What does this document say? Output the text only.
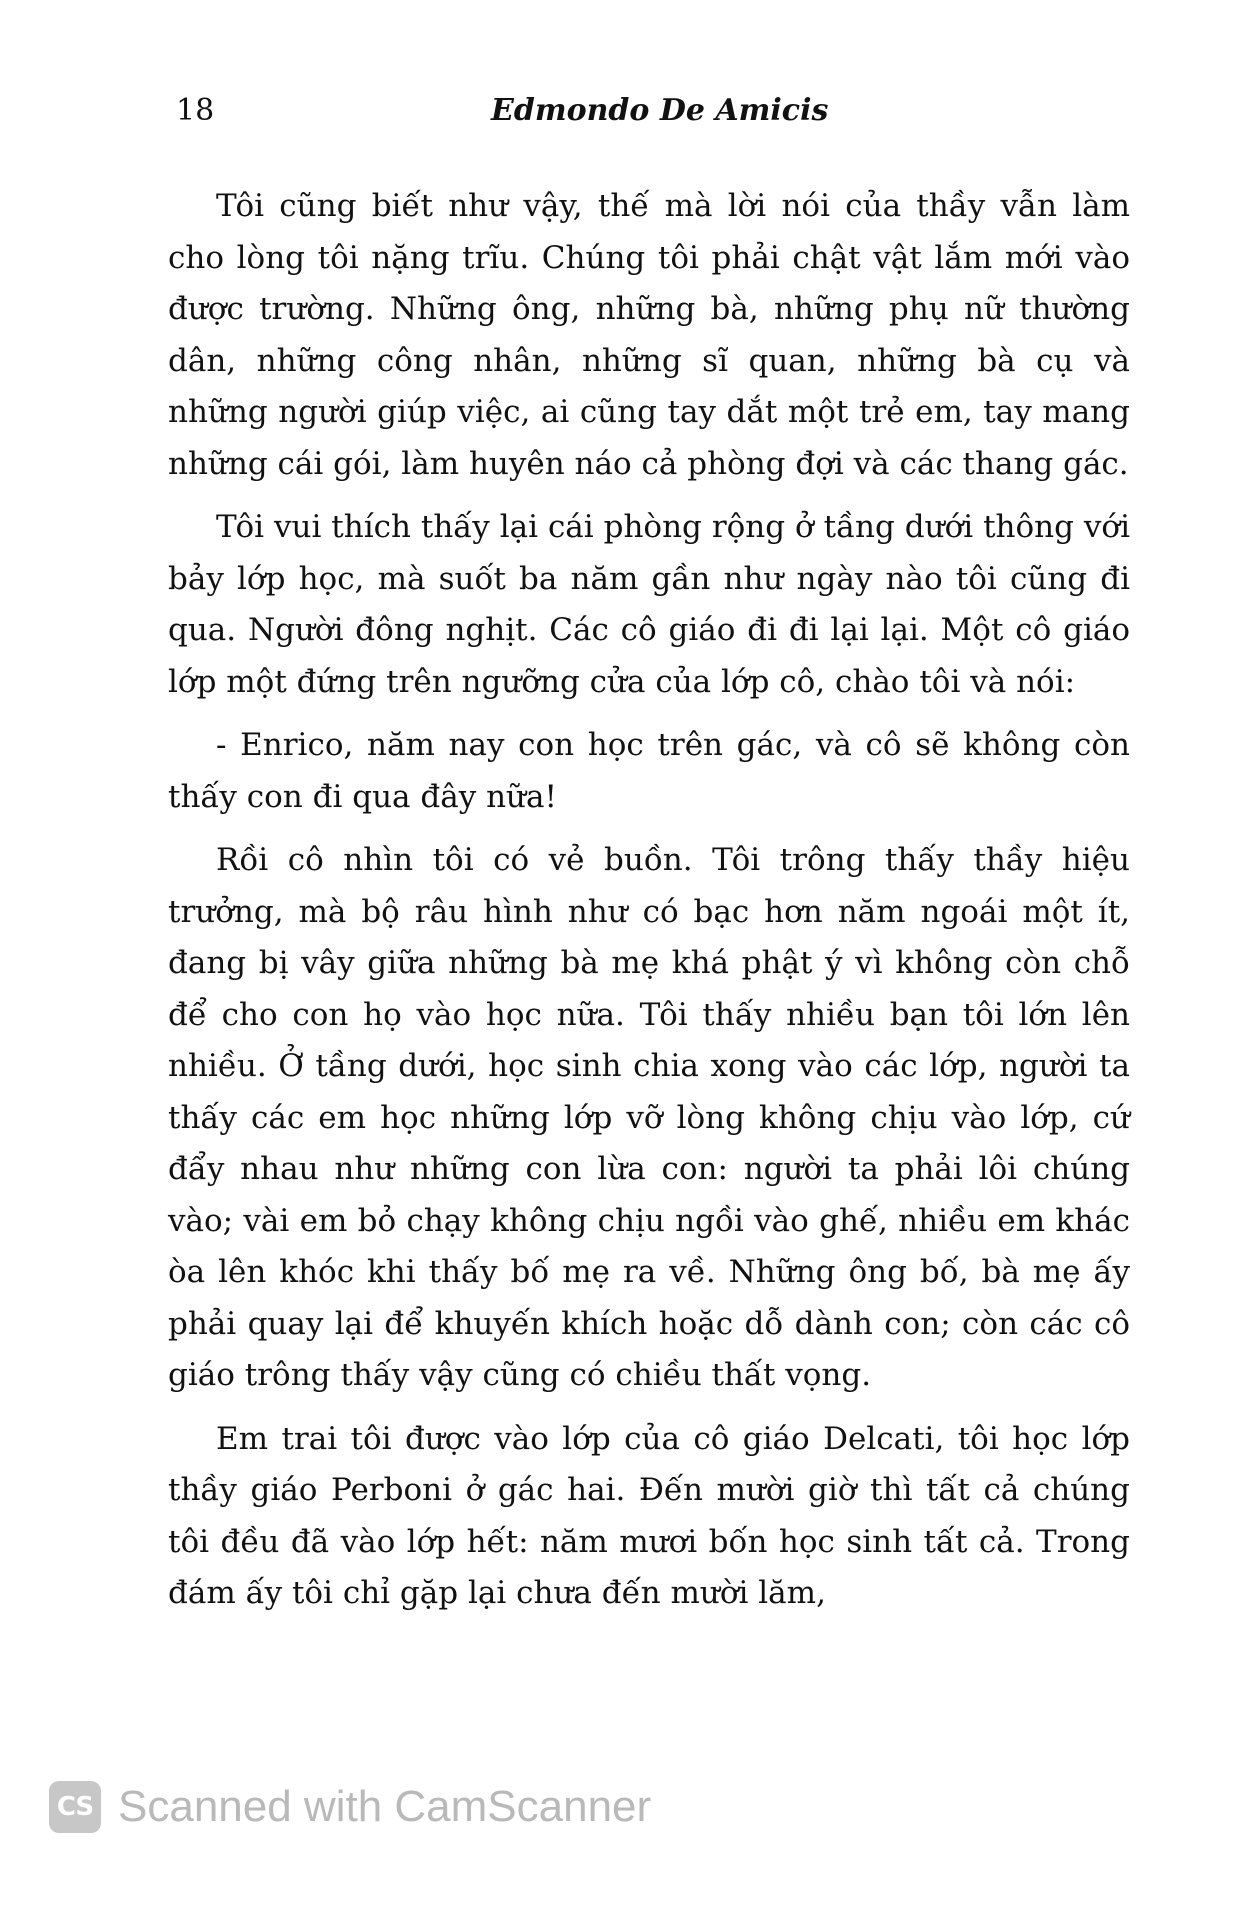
18	Edmondo De Amicis

Tôi cũng biết như vậy, thế mà lời nói của thầy vẫn làm cho lòng tôi nặng trĩu. Chúng tôi phải chật vật lắm mới vào được trường. Những ông, những bà, những phụ nữ thường dân, những công nhân, những sĩ quan, những bà cụ và những người giúp việc, ai cũng tay dắt một trẻ em, tay mang những cái gói, làm huyên náo cả phòng đợi và các thang gác.

Tôi vui thích thấy lại cái phòng rộng ở tầng dưới thông với bảy lớp học, mà suốt ba năm gần như ngày nào tôi cũng đi qua. Người đông nghịt. Các cô giáo đi đi lại lại. Một cô giáo lớp một đứng trên ngưỡng cửa của lớp cô, chào tôi và nói:

- Enrico, năm nay con học trên gác, và cô sẽ không còn thấy con đi qua đây nữa!

Rồi cô nhìn tôi có vẻ buồn. Tôi trông thấy thầy hiệu trưởng, mà bộ râu hình như có bạc hơn năm ngoái một ít, đang bị vây giữa những bà mẹ khá phật ý vì không còn chỗ để cho con họ vào học nữa. Tôi thấy nhiều bạn tôi lớn lên nhiều. Ở tầng dưới, học sinh chia xong vào các lớp, người ta thấy các em học những lớp vỡ lòng không chịu vào lớp, cứ đẩy nhau như những con lừa con: người ta phải lôi chúng vào; vài em bỏ chạy không chịu ngồi vào ghế, nhiều em khác òa lên khóc khi thấy bố mẹ ra về. Những ông bố, bà mẹ ấy phải quay lại để khuyến khích hoặc dỗ dành con; còn các cô giáo trông thấy vậy cũng có chiều thất vọng.

Em trai tôi được vào lớp của cô giáo Delcati, tôi học lớp thầy giáo Perboni ở gác hai. Đến mười giờ thì tất cả chúng tôi đều đã vào lớp hết: năm mươi bốn học sinh tất cả. Trong đám ấy tôi chỉ gặp lại chưa đến mười lăm,

CS Scanned with CamScanner
